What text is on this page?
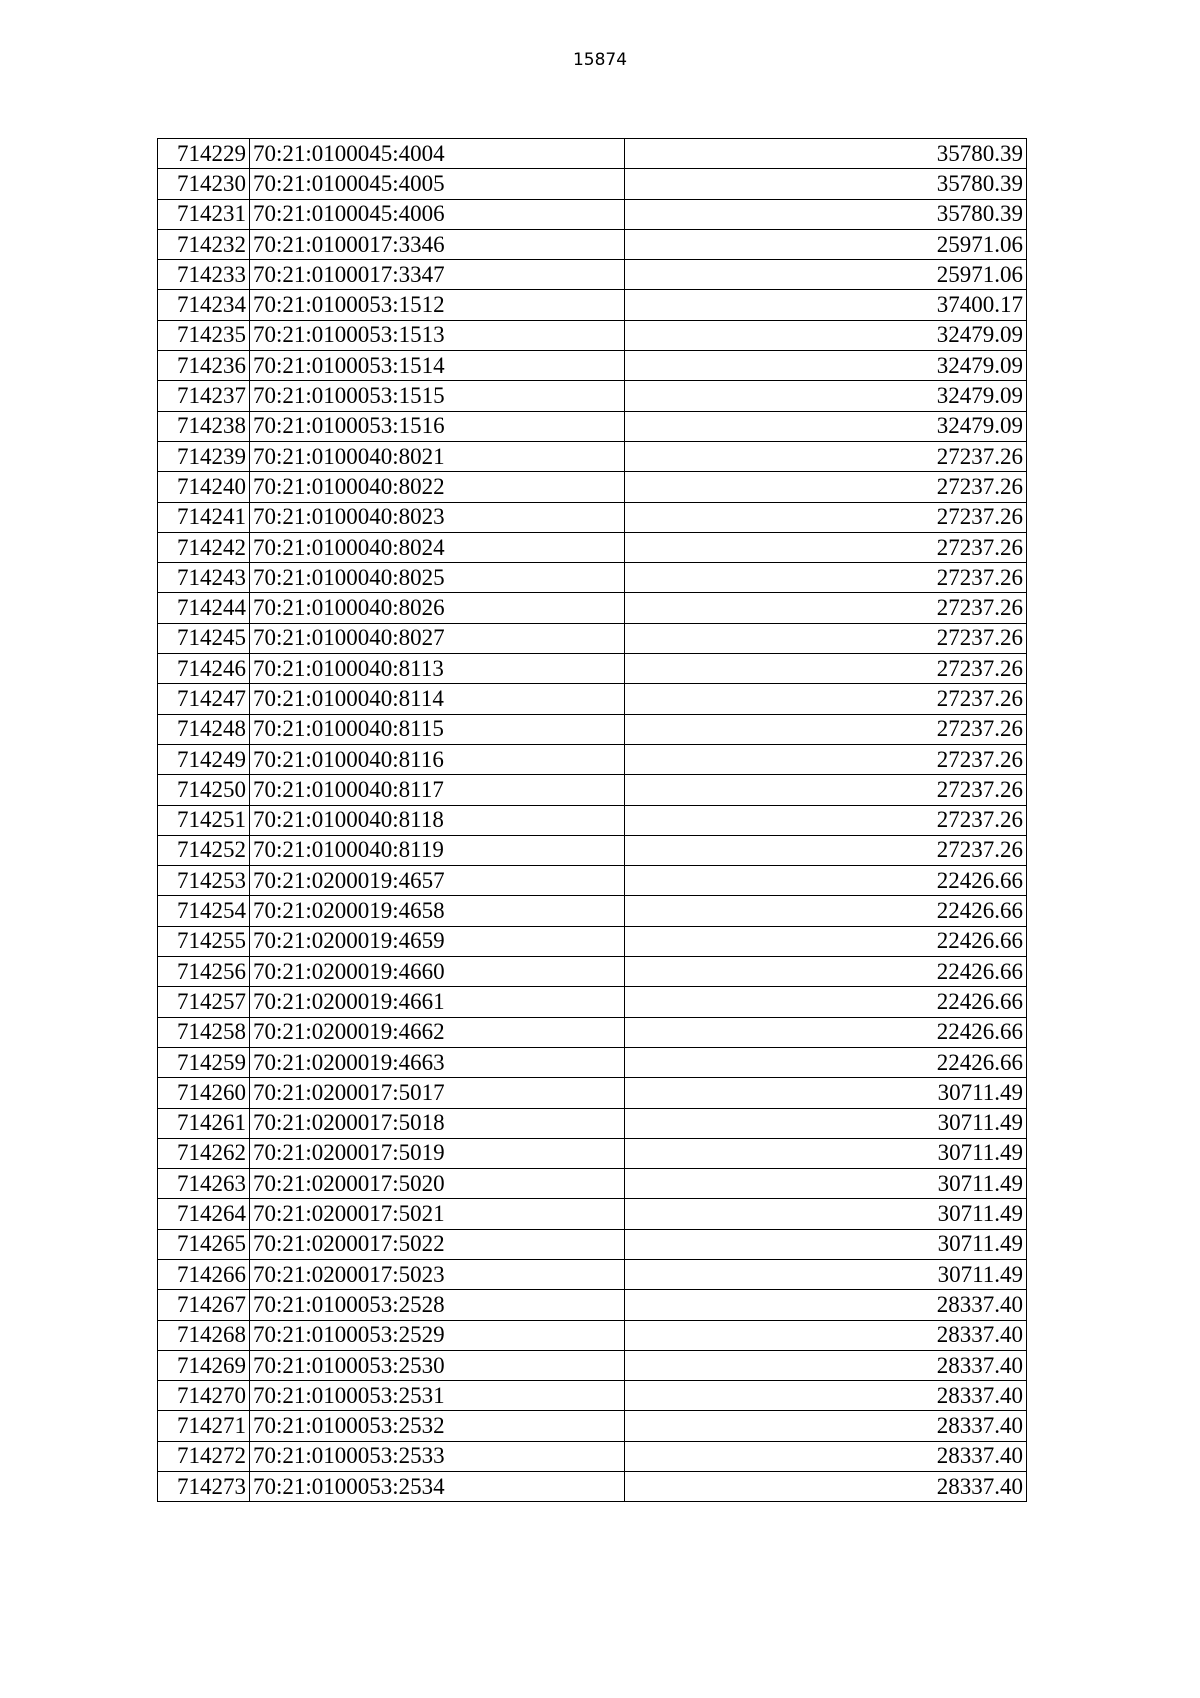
15874
714229	70:21:0100045:4004	35780.39
714230	70:21:0100045:4005	35780.39
714231	70:21:0100045:4006	35780.39
714232	70:21:0100017:3346	25971.06
714233	70:21:0100017:3347	25971.06
714234	70:21:0100053:1512	37400.17
714235	70:21:0100053:1513	32479.09
714236	70:21:0100053:1514	32479.09
714237	70:21:0100053:1515	32479.09
714238	70:21:0100053:1516	32479.09
714239	70:21:0100040:8021	27237.26
714240	70:21:0100040:8022	27237.26
714241	70:21:0100040:8023	27237.26
714242	70:21:0100040:8024	27237.26
714243	70:21:0100040:8025	27237.26
714244	70:21:0100040:8026	27237.26
714245	70:21:0100040:8027	27237.26
714246	70:21:0100040:8113	27237.26
714247	70:21:0100040:8114	27237.26
714248	70:21:0100040:8115	27237.26
714249	70:21:0100040:8116	27237.26
714250	70:21:0100040:8117	27237.26
714251	70:21:0100040:8118	27237.26
714252	70:21:0100040:8119	27237.26
714253	70:21:0200019:4657	22426.66
714254	70:21:0200019:4658	22426.66
714255	70:21:0200019:4659	22426.66
714256	70:21:0200019:4660	22426.66
714257	70:21:0200019:4661	22426.66
714258	70:21:0200019:4662	22426.66
714259	70:21:0200019:4663	22426.66
714260	70:21:0200017:5017	30711.49
714261	70:21:0200017:5018	30711.49
714262	70:21:0200017:5019	30711.49
714263	70:21:0200017:5020	30711.49
714264	70:21:0200017:5021	30711.49
714265	70:21:0200017:5022	30711.49
714266	70:21:0200017:5023	30711.49
714267	70:21:0100053:2528	28337.40
714268	70:21:0100053:2529	28337.40
714269	70:21:0100053:2530	28337.40
714270	70:21:0100053:2531	28337.40
714271	70:21:0100053:2532	28337.40
714272	70:21:0100053:2533	28337.40
714273	70:21:0100053:2534	28337.40
